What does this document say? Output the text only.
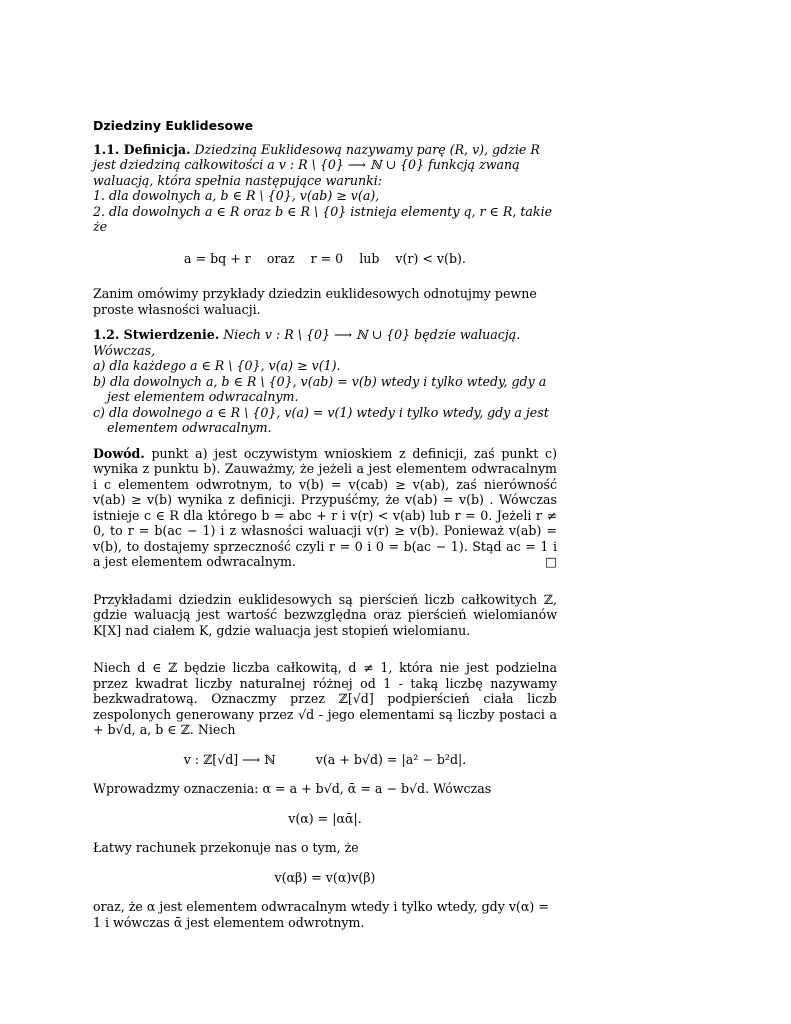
Dziedziny Euklidesowe

1.1. Definicja. Dziedziną Euklidesową nazywamy parę (R, v), gdzie R jest dziedziną całkowitości a v : R \ {0} ⟶ ℕ ∪ {0} funkcją zwaną waluacją, która spełnia następujące warunki:

1. dla dowolnych a, b ∈ R \ {0}, v(ab) ≥ v(a),

2. dla dowolnych a ∈ R oraz b ∈ R \ {0} istnieja elementy q, r ∈ R, takie że

a = bq + r    oraz    r = 0    lub    v(r) < v(b).

Zanim omówimy przykłady dziedzin euklidesowych odnotujmy pewne proste własności waluacji.

1.2. Stwierdzenie. Niech v : R \ {0} ⟶ ℕ ∪ {0} będzie waluacją. Wówczas,

a) dla każdego a ∈ R \ {0}, v(a) ≥ v(1).

b) dla dowolnych a, b ∈ R \ {0}, v(ab) = v(b) wtedy i tylko wtedy, gdy a jest elementem odwracalnym.

c) dla dowolnego a ∈ R \ {0}, v(a) = v(1) wtedy i tylko wtedy, gdy a jest elementem odwracalnym.

Dowód. punkt a) jest oczywistym wnioskiem z definicji, zaś punkt c) wynika z punktu b). Zauważmy, że jeżeli a jest elementem odwracalnym i c elementem odwrotnym, to v(b) = v(cab) ≥ v(ab), zaś nierówność v(ab) ≥ v(b) wynika z definicji. Przypuśćmy, że v(ab) = v(b) . Wówczas istnieje c ∈ R dla którego b = abc + r i v(r) < v(ab) lub r = 0. Jeżeli r ≠ 0, to r = b(ac − 1) i z własności waluacji v(r) ≥ v(b). Ponieważ v(ab) = v(b), to dostajemy sprzeczność czyli r = 0 i 0 = b(ac − 1). Stąd ac = 1 i a jest elementem odwracalnym.	□

Przykładami dziedzin euklidesowych są pierścień liczb całkowitych ℤ, gdzie waluacją jest wartość bezwzględna oraz pierścień wielomianów K[X] nad ciałem K, gdzie waluacja jest stopień wielomianu.

Niech d ∈ ℤ będzie liczba całkowitą, d ≠ 1, która nie jest podzielna przez kwadrat liczby naturalnej różnej od 1 - taką liczbę nazywamy bezkwadratową. Oznaczmy przez ℤ[√d] podpierścień ciała liczb zespolonych generowany przez √d - jego elementami są liczby postaci a + b√d, a, b ∈ ℤ. Niech

v : ℤ[√d] ⟶ ℕ          v(a + b√d) = |a² − b²d|.

Wprowadzmy oznaczenia: α = a + b√d, ᾱ = a − b√d. Wówczas

v(α) = |αᾱ|.

Łatwy rachunek przekonuje nas o tym, że

v(αβ) = v(α)v(β)

oraz, że α jest elementem odwracalnym wtedy i tylko wtedy, gdy v(α) = 1 i wówczas ᾱ jest elementem odwrotnym.
